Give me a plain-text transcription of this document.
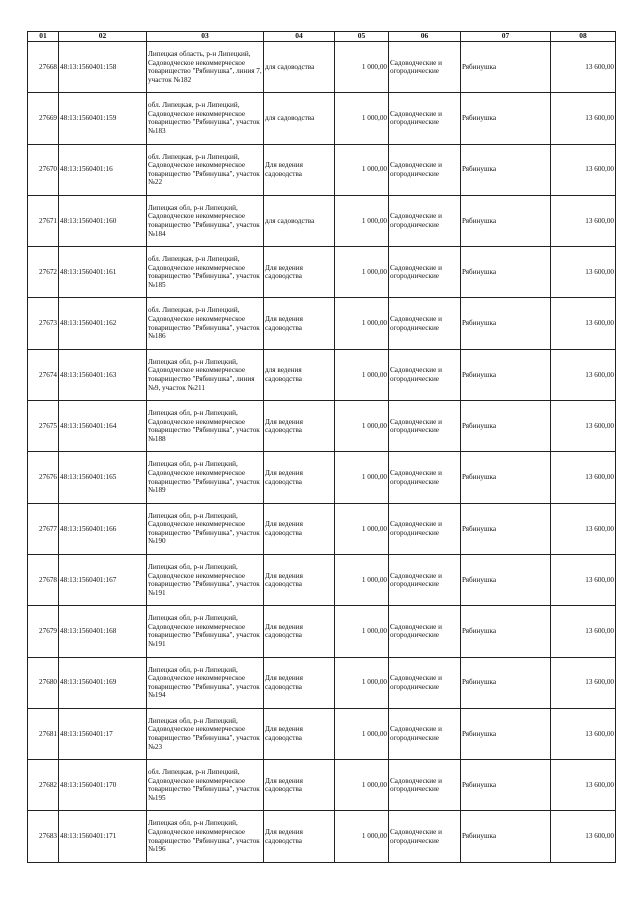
01	02	03	04	05	06	07	08
27668	48:13:1560401:158	Липецкая область, р-н Липецкий, Садоводческое некоммерческое товарищество "Рябинушка", линия 7, участок №182	для садоводства	1 000,00	Садоводческие и огороднические	Рябинушка	13 600,00
27669	48:13:1560401:159	обл. Липецкая, р-н Липецкий, Садоводческое некоммерческое товарищество "Рябинушка", участок №183	для садоводства	1 000,00	Садоводческие и огороднические	Рябинушка	13 600,00
27670	48:13:1560401:16	обл. Липецкая, р-н Липецкий, Садоводческое некоммерческое товарищество "Рябинушка", участок №22	Для ведения садоводства	1 000,00	Садоводческие и огороднические	Рябинушка	13 600,00
27671	48:13:1560401:160	Липецкая обл, р-н Липецкий, Садоводческое некоммерческое товарищество "Рябинушка", участок №184	для садоводства	1 000,00	Садоводческие и огороднические	Рябинушка	13 600,00
27672	48:13:1560401:161	обл. Липецкая, р-н Липецкий, Садоводческое некоммерческое товарищество "Рябинушка", участок №185	Для ведения садоводства	1 000,00	Садоводческие и огороднические	Рябинушка	13 600,00
27673	48:13:1560401:162	обл. Липецкая, р-н Липецкий, Садоводческое некоммерческое товарищество "Рябинушка", участок №186	Для ведения садоводства	1 000,00	Садоводческие и огороднические	Рябинушка	13 600,00
27674	48:13:1560401:163	Липецкая обл, р-н Липецкий, Садоводческое некоммерческое товарищество "Рябинушка", линия №9, участок №211	для ведения садоводства	1 000,00	Садоводческие и огороднические	Рябинушка	13 600,00
27675	48:13:1560401:164	Липецкая обл, р-н Липецкий, Садоводческое некоммерческое товарищество "Рябинушка", участок №188	Для ведения садоводства	1 000,00	Садоводческие и огороднические	Рябинушка	13 600,00
27676	48:13:1560401:165	Липецкая обл, р-н Липецкий, Садоводческое некоммерческое товарищество "Рябинушка", участок №189	Для ведения садоводства	1 000,00	Садоводческие и огороднические	Рябинушка	13 600,00
27677	48:13:1560401:166	Липецкая обл, р-н Липецкий, Садоводческое некоммерческое товарищество "Рябинушка", участок №190	Для ведения садоводства	1 000,00	Садоводческие и огороднические	Рябинушка	13 600,00
27678	48:13:1560401:167	Липецкая обл, р-н Липецкий, Садоводческое некоммерческое товарищество "Рябинушка", участок №191	Для ведения садоводства	1 000,00	Садоводческие и огороднические	Рябинушка	13 600,00
27679	48:13:1560401:168	Липецкая обл, р-н Липецкий, Садоводческое некоммерческое товарищество "Рябинушка", участок №191	Для ведения садоводства	1 000,00	Садоводческие и огороднические	Рябинушка	13 600,00
27680	48:13:1560401:169	Липецкая обл, р-н Липецкий, Садоводческое некоммерческое товарищество "Рябинушка", участок №194	Для ведения садоводства	1 000,00	Садоводческие и огороднические	Рябинушка	13 600,00
27681	48:13:1560401:17	Липецкая обл, р-н Липецкий, Садоводческое некоммерческое товарищество "Рябинушка", участок №23	Для ведения садоводства	1 000,00	Садоводческие и огороднические	Рябинушка	13 600,00
27682	48:13:1560401:170	обл. Липецкая, р-н Липецкий, Садоводческое некоммерческое товарищество "Рябинушка", участок №195	Для ведения садоводства	1 000,00	Садоводческие и огороднические	Рябинушка	13 600,00
27683	48:13:1560401:171	Липецкая обл, р-н Липецкий, Садоводческое некоммерческое товарищество "Рябинушка", участок №196	Для ведения садоводства	1 000,00	Садоводческие и огороднические	Рябинушка	13 600,00
